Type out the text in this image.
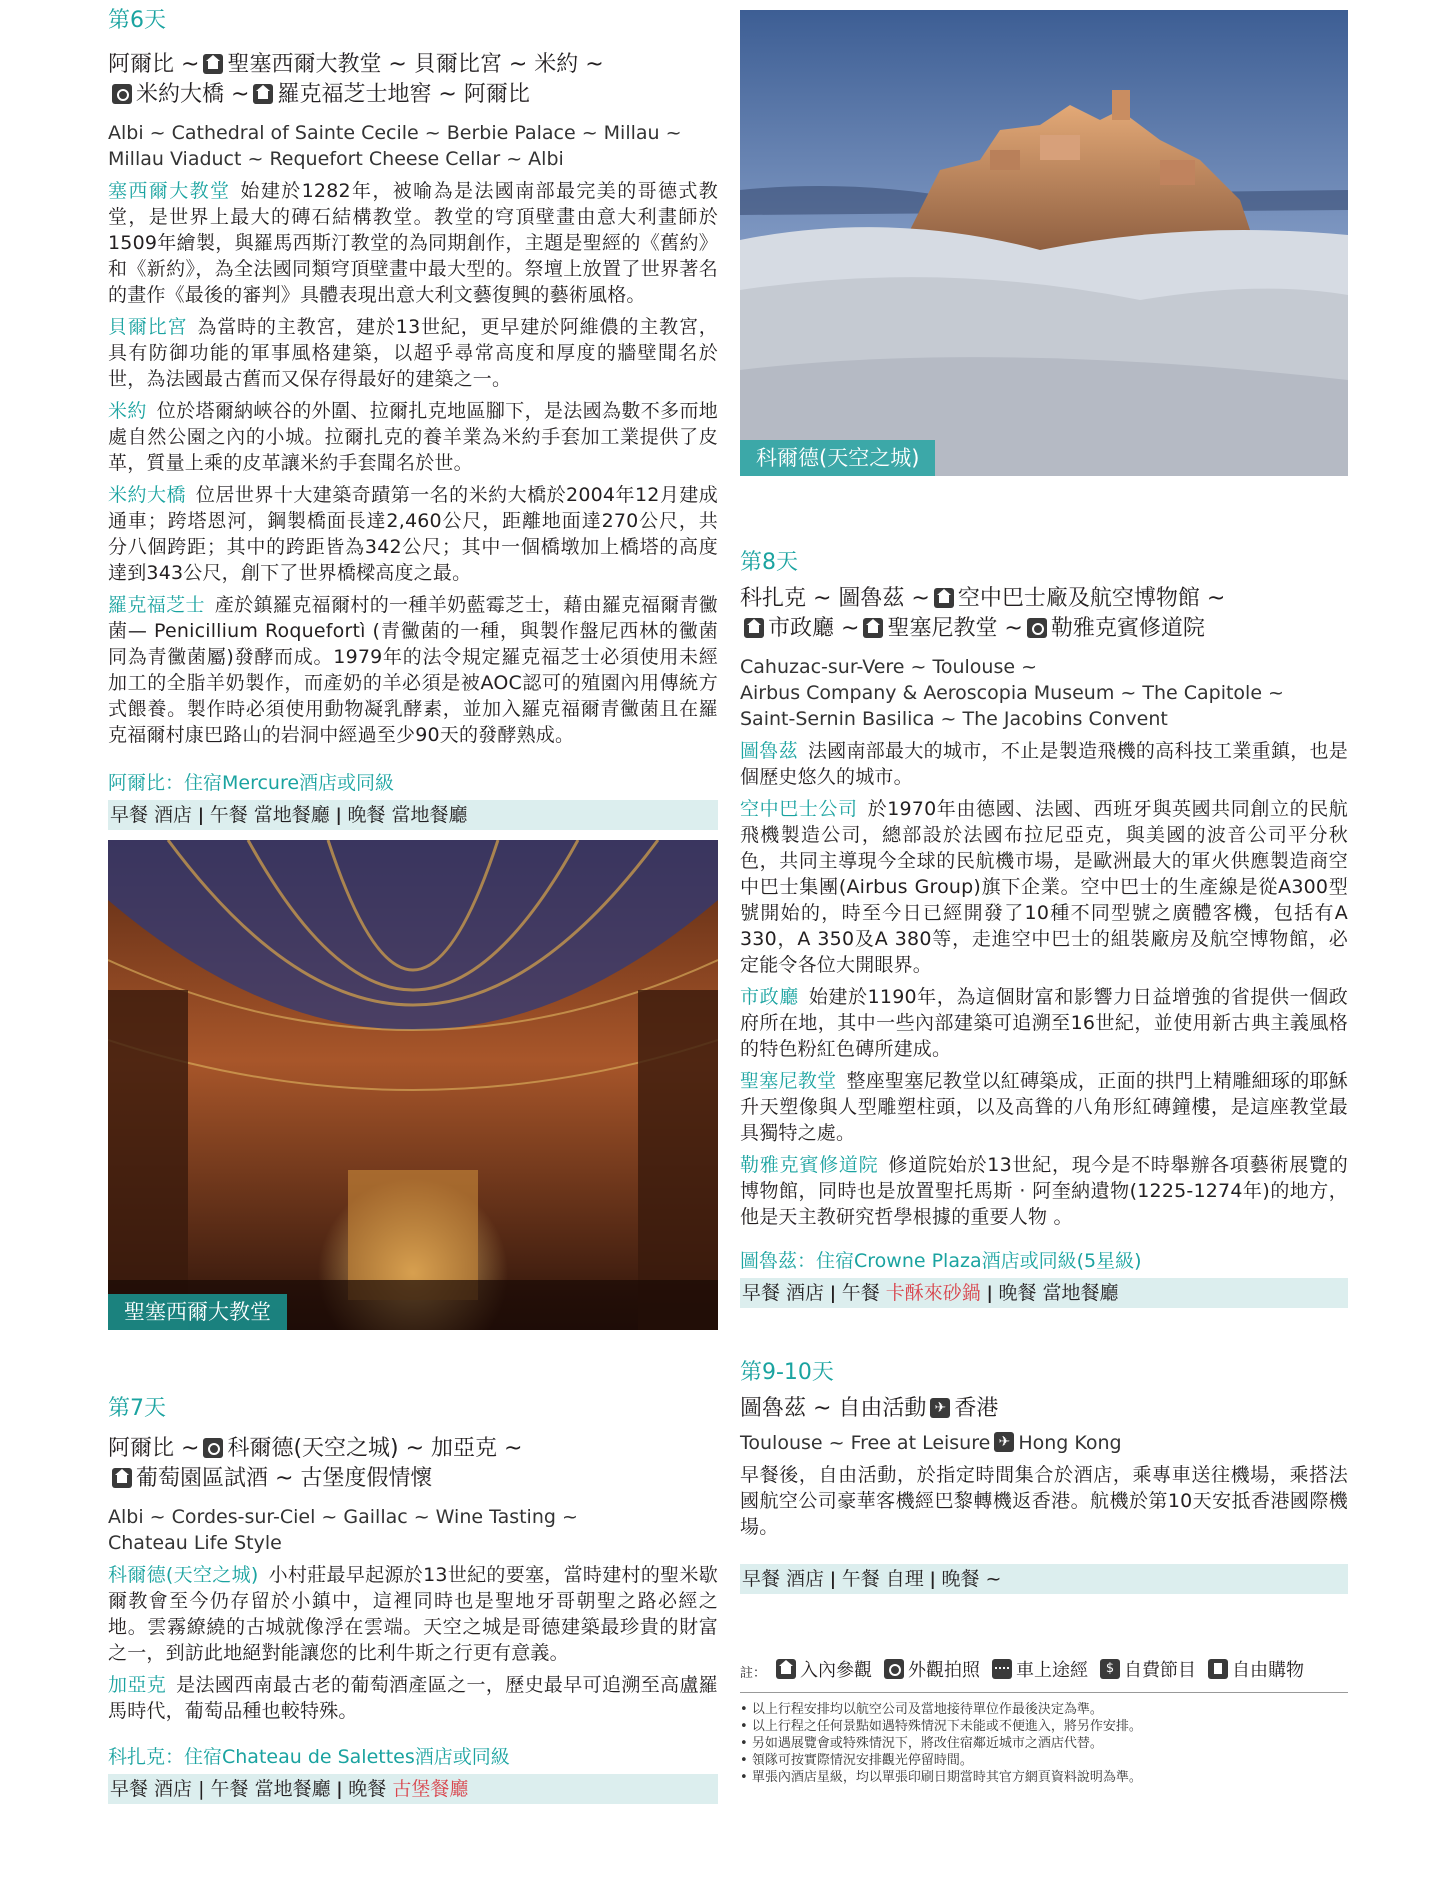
第6天
阿爾比 ~ 聖塞西爾大教堂 ~ 貝爾比宮 ~ 米約 ~
米約大橋 ~ 羅克福芝士地窖 ~ 阿爾比
Albi ~ Cathedral of Sainte Cecile ~ Berbie Palace ~ Millau ~
Millau Viaduct ~ Requefort Cheese Cellar ~ Albi
塞西爾大教堂 始建於1282年，被喻為是法國南部最完美的哥德式教堂，是世界上最大的磚石結構教堂。教堂的穹頂壁畫由意大利畫師於1509年繪製，與羅馬西斯汀教堂的為同期創作，主題是聖經的《舊約》和《新約》，為全法國同類穹頂壁畫中最大型的。祭壇上放置了世界著名的畫作《最後的審判》具體表現出意大利文藝復興的藝術風格。
貝爾比宮 為當時的主教宮，建於13世紀，更早建於阿維儂的主教宮，具有防御功能的軍事風格建築，以超乎尋常高度和厚度的牆壁聞名於世，為法國最古舊而又保存得最好的建築之一。
米約 位於塔爾納峽谷的外圍、拉爾扎克地區腳下，是法國為數不多而地處自然公園之內的小城。拉爾扎克的養羊業為米約手套加工業提供了皮革，質量上乘的皮革讓米約手套聞名於世。
米約大橋 位居世界十大建築奇蹟第一名的米約大橋於2004年12月建成通車；跨塔恩河，鋼製橋面長達2,460公尺，距離地面達270公尺，共分八個跨距；其中的跨距皆為342公尺；其中一個橋墩加上橋塔的高度達到343公尺，創下了世界橋樑高度之最。
羅克福芝士 產於鎮羅克福爾村的一種羊奶藍霉芝士，藉由羅克福爾青黴菌— Penicillium Roquefortì (青黴菌的一種，與製作盤尼西林的黴菌同為青黴菌屬)發酵而成。1979年的法令規定羅克福芝士必須使用未經加工的全脂羊奶製作，而產奶的羊必須是被AOC認可的殖園內用傳統方式餵養。製作時必須使用動物凝乳酵素，並加入羅克福爾青黴菌且在羅克福爾村康巴路山的岩洞中經過至少90天的發酵熟成。
阿爾比：住宿Mercure酒店或同級
早餐 酒店 ǀ 午餐 當地餐廳 ǀ 晚餐 當地餐廳
聖塞西爾大教堂
第7天
阿爾比 ~ 科爾德(天空之城) ~ 加亞克 ~
葡萄園區試酒 ~ 古堡度假情懷
Albi ~ Cordes-sur-Ciel ~ Gaillac ~ Wine Tasting ~
Chateau Life Style
科爾德(天空之城) 小村莊最早起源於13世紀的要塞，當時建村的聖米歇爾教會至今仍存留於小鎮中，這裡同時也是聖地牙哥朝聖之路必經之地。雲霧繚繞的古城就像浮在雲端。天空之城是哥德建築最珍貴的財富之一，到訪此地絕對能讓您的比利牛斯之行更有意義。
加亞克 是法國西南最古老的葡萄酒產區之一，歷史最早可追溯至高盧羅馬時代，葡萄品種也較特殊。
科扎克：住宿Chateau de Salettes酒店或同級
早餐 酒店 | 午餐 當地餐廳 ǀ 晚餐 古堡餐廳
科爾德(天空之城)
第8天
科扎克 ~ 圖魯茲 ~ 空中巴士廠及航空博物館 ~
市政廳 ~ 聖塞尼教堂 ~ 勒雅克賓修道院
Cahuzac-sur-Vere ~ Toulouse ~
Airbus Company & Aeroscopia Museum ~ The Capitole ~
Saint-Sernin Basilica ~ The Jacobins Convent
圖魯茲 法國南部最大的城市，不止是製造飛機的高科技工業重鎮，也是個歷史悠久的城市。
空中巴士公司 於1970年由德國、法國、西班牙與英國共同創立的民航飛機製造公司，總部設於法國布拉尼亞克，與美國的波音公司平分秋色，共同主導現今全球的民航機市場，是歐洲最大的軍火供應製造商空中巴士集團(Airbus Group)旗下企業。空中巴士的生產線是從A300型號開始的，時至今日已經開發了10種不同型號之廣體客機，包括有A 330，A 350及A 380等，走進空中巴士的組裝廠房及航空博物館，必定能令各位大開眼界。
市政廳 始建於1190年，為這個財富和影響力日益增強的省提供一個政府所在地，其中一些內部建築可追溯至16世紀，並使用新古典主義風格的特色粉紅色磚所建成。
聖塞尼教堂 整座聖塞尼教堂以紅磚築成，正面的拱門上精雕細琢的耶穌升天塑像與人型雕塑柱頭，以及高聳的八角形紅磚鐘樓，是這座教堂最具獨特之處。
勒雅克賓修道院 修道院始於13世紀，現今是不時舉辦各項藝術展覽的博物館，同時也是放置聖托馬斯 · 阿奎納遺物(1225-1274年)的地方，他是天主教研究哲學根據的重要人物 。
圖魯茲：住宿Crowne Plaza酒店或同級(5星級)
早餐 酒店 ǀ 午餐 卡酥來砂鍋 ǀ 晚餐 當地餐廳
第9-10天
圖魯茲 ~ 自由活動 ✈ 香港
Toulouse ~ Free at Leisure ✈ Hong Kong
早餐後，自由活動，於指定時間集合於酒店，乘專車送往機場，乘搭法國航空公司豪華客機經巴黎轉機返香港。航機於第10天安抵香港國際機場。
早餐 酒店 ǀ 午餐 自理 ǀ 晚餐 ~
註：	入內參觀	外觀拍照	車上途經 $	自費節目	自由購物
• 以上行程安排均以航空公司及當地接待單位作最後決定為準。
• 以上行程之任何景點如遇特殊情況下未能或不便進入，將另作安排。
• 另如遇展覽會或特殊情況下，將改住宿鄰近城市之酒店代替。
• 領隊可按實際情況安排觀光停留時間。
• 單張內酒店星級，均以單張印刷日期當時其官方網頁資料說明為準。
